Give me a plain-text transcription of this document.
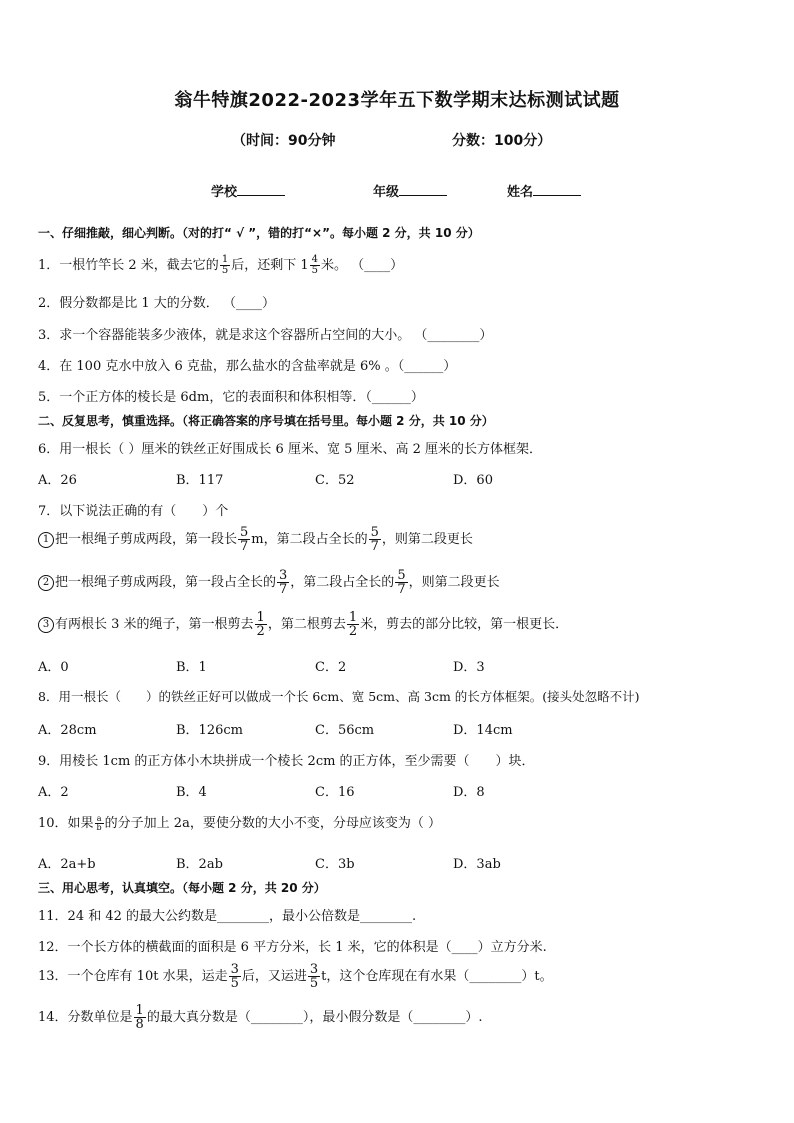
翁牛特旗2022-2023学年五下数学期末达标测试试题
（时间：90分钟	分数：100分）
学校	年级	姓名
一、仔细推敲，细心判断。（对的打“ √ ”，错的打“×”。每小题 2 分，共 10 分）
1．一根竹竿长 2 米，截去它的 $\frac{1}{5}$ 后，还剩下 $1 \frac{4}{5}$ 米。 （____）
2．假分数都是比 1 大的分数． （____）
3．求一个容器能装多少液体，就是求这个容器所占空间的大小。 （________）
4．在 100 克水中放入 6 克盐，那么盐水的含盐率就是 6% 。（______）
5．一个正方体的棱长是 6dm，它的表面积和体积相等．（______）
二、反复思考，慎重选择。（将正确答案的序号填在括号里。每小题 2 分，共 10 分）
6．用一根长（ ）厘米的铁丝正好围成长 6 厘米、宽 5 厘米、高 2 厘米的长方体框架．
A．26	B．117	C．52	D．60
7．以下说法正确的有（　　）个
1 把一根绳子剪成两段，第一段长 $\frac{5}{7}$ m，第二段占全长的 $\frac{5}{7}$ ，则第二段更长
2 把一根绳子剪成两段，第一段占全长的 $\frac{3}{7}$ ，第二段占全长的 $\frac{5}{7}$ ，则第二段更长
3 有两根长 3 米的绳子，第一根剪去 $\frac{1}{2}$ ，第二根剪去 $\frac{1}{2}$ 米，剪去的部分比较，第一根更长．
A．0	B．1	C．2	D．3
8．用一根长（　　）的铁丝正好可以做成一个长 6cm、宽 5cm、高 3cm 的长方体框架。(接头处忽略不计)
A．28cm	B．126cm	C．56cm	D．14cm
9．用棱长 1cm 的正方体小木块拼成一个棱长 2cm 的正方体，至少需要（　　）块．
A．2	B．4	C．16	D．8
10．如果 $\frac{a}{b}$ 的分子加上 2a，要使分数的大小不变，分母应该变为（ ）
A．2a+b	B．2ab	C．3b	D．3ab
三、用心思考，认真填空。（每小题 2 分，共 20 分）
11．24 和 42 的最大公约数是________，最小公倍数是________.
12．一个长方体的横截面的面积是 6 平方分米，长 1 米，它的体积是（____）立方分米.
13．一个仓库有 10t 水果，运走 $\frac{3}{5}$ 后，又运进 $\frac{3}{5}$ t，这个仓库现在有水果（________）t。
14．分数单位是 $\frac{1}{8}$ 的最大真分数是（________），最小假分数是（________）.
